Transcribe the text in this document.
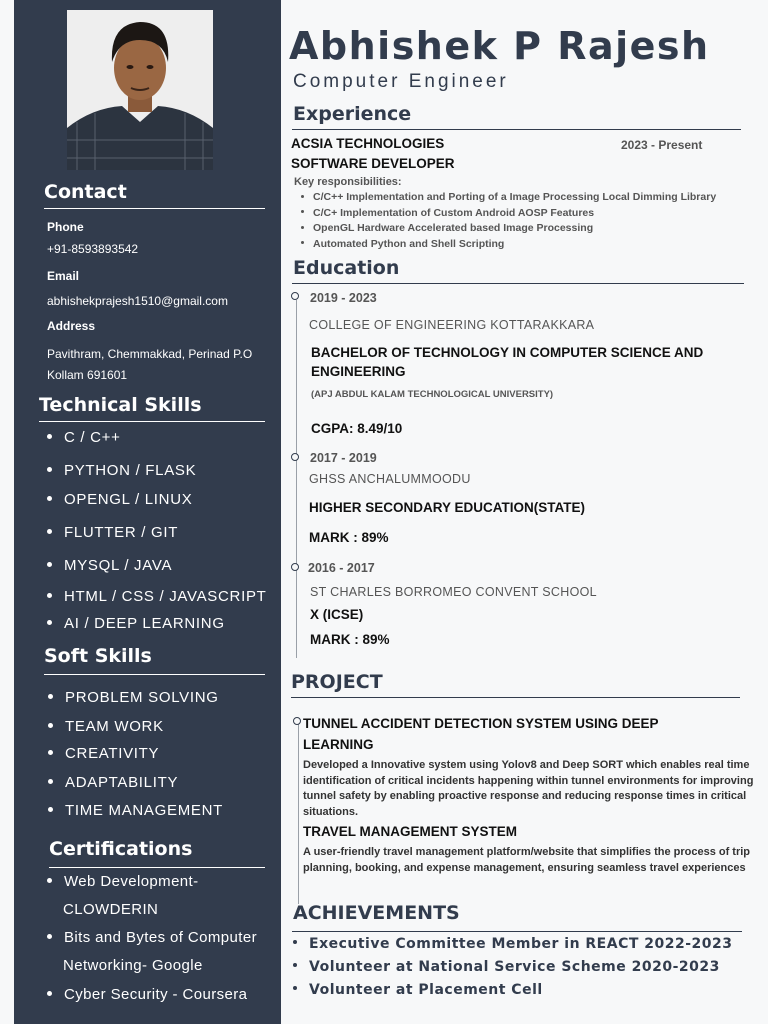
Contact
Phone
+91-8593893542
Email
abhishekprajesh1510@gmail.com
Address
Pavithram, Chemmakkad, Perinad P.O
Kollam 691601
Technical Skills
C / C++
PYTHON / FLASK
OPENGL / LINUX
FLUTTER / GIT
MYSQL / JAVA
HTML / CSS / JAVASCRIPT
AI / DEEP LEARNING
Soft Skills
PROBLEM SOLVING
TEAM WORK
CREATIVITY
ADAPTABILITY
TIME MANAGEMENT
Certifications
Web Development-
CLOWDERIN
Bits and Bytes of Computer
Networking- Google
Cyber Security - Coursera
Abhishek P Rajesh
Computer Engineer
Experience
ACSIA TECHNOLOGIES	2023 - Present
SOFTWARE DEVELOPER
Key responsibilities:
C/C++ Implementation and Porting of a Image Processing Local Dimming Library
C/C+ Implementation of Custom Android AOSP Features
OpenGL Hardware Accelerated based Image Processing
Automated Python and Shell Scripting
Education
2019 - 2023
COLLEGE OF ENGINEERING KOTTARAKKARA
BACHELOR OF TECHNOLOGY IN COMPUTER SCIENCE AND
ENGINEERING
(APJ ABDUL KALAM TECHNOLOGICAL UNIVERSITY)
CGPA: 8.49/10
2017 - 2019
GHSS ANCHALUMMOODU
HIGHER SECONDARY EDUCATION(STATE)
MARK : 89%
2016 - 2017
ST CHARLES BORROMEO CONVENT SCHOOL
X (ICSE)
MARK : 89%
PROJECT
TUNNEL ACCIDENT DETECTION SYSTEM USING DEEP
LEARNING

Developed a Innovative system using Yolov8 and Deep SORT which enables real time identification of critical incidents happening within tunnel environments for improving tunnel safety by enabling proactive response and reducing response times in critical situations.

TRAVEL MANAGEMENT SYSTEM

A user-friendly travel management platform/website that simplifies the process of trip planning, booking, and expense management, ensuring seamless travel experiences

ACHIEVEMENTS
Executive Committee Member in REACT 2022-2023
Volunteer at National Service Scheme 2020-2023
Volunteer at Placement Cell
